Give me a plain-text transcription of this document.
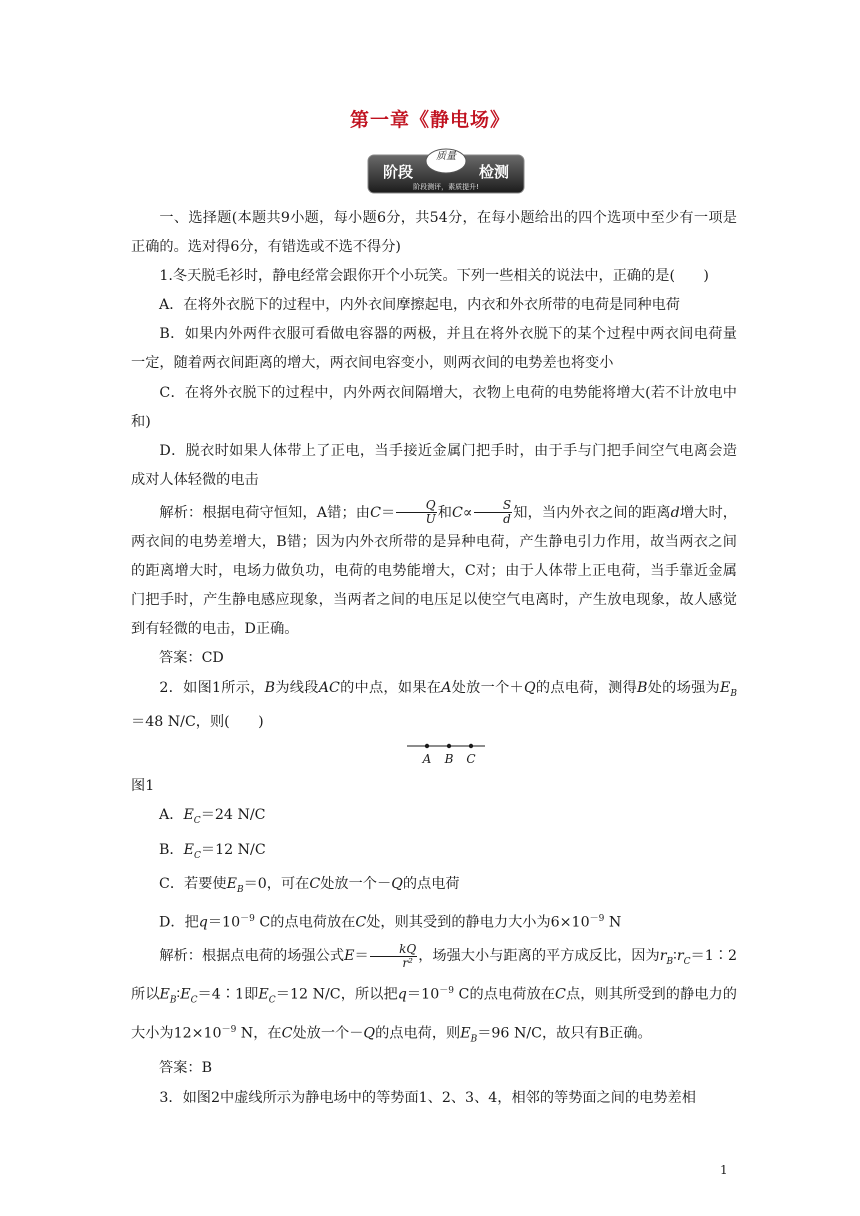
第一章《静电场》
质量
阶段	检测
阶段测评，素质提升!

一、选择题(本题共9小题，每小题6分，共54分，在每小题给出的四个选项中至少有一项是正确的。选对得6分，有错选或不选不得分)

1.冬天脱毛衫时，静电经常会跟你开个小玩笑。下列一些相关的说法中，正确的是(　　)

A．在将外衣脱下的过程中，内外衣间摩擦起电，内衣和外衣所带的电荷是同种电荷

B．如果内外两件衣服可看做电容器的两极，并且在将外衣脱下的某个过程中两衣间电荷量一定，随着两衣间距离的增大，两衣间电容变小，则两衣间的电势差也将变小

C．在将外衣脱下的过程中，内外两衣间隔增大，衣物上电荷的电势能将增大(若不计放电中和)

D．脱衣时如果人体带上了正电，当手接近金属门把手时，由于手与门把手间空气电离会造成对人体轻微的电击

解析：根据电荷守恒知，A错；由$C= \frac{Q}{U}$ 和$C\propto \frac{S}{d}$ 知，当内外衣之间的距离d增大时，两衣间的电势差增大，B错；因为内外衣所带的是异种电荷，产生静电引力作用，故当两衣之间的距离增大时，电场力做负功，电荷的电势能增大，C对；由于人体带上正电荷，当手靠近金属门把手时，产生静电感应现象，当两者之间的电压足以使空气电离时，产生放电现象，故人感觉到有轻微的电击，D正确。

答案：CD

2．如图1所示，B为线段AC的中点，如果在A处放一个＋Q的点电荷，测得B处的场强为$E_B=48$ N/C，则(　　)

A B C

图1

A．$E_C=24$ N/C

B．$E_C=12$ N/C

C．若要使$E_B=0$，可在C处放一个－Q的点电荷

D．把$q=10^{-9}$ C的点电荷放在C处，则其受到的静电力大小为$6\times 10^{-9}$ N

解析：根据点电荷的场强公式$E= \frac{kQ}{\text{r²}}$ ，场强大小与距离的平方成反比，因为$r_B∶r_C=1∶2$所以$E_B∶E_C=4∶1$即$E_C=12$ N/C，所以把$q=10^{-9}$ C的点电荷放在C点，则其所受到的静电力的大小为$12\times 10^{-9}$ N，在C处放一个－Q的点电荷，则$E_B=96$ N/C，故只有B正确。

答案：B

3．如图2中虚线所示为静电场中的等势面1、2、3、4，相邻的等势面之间的电势差相

1
